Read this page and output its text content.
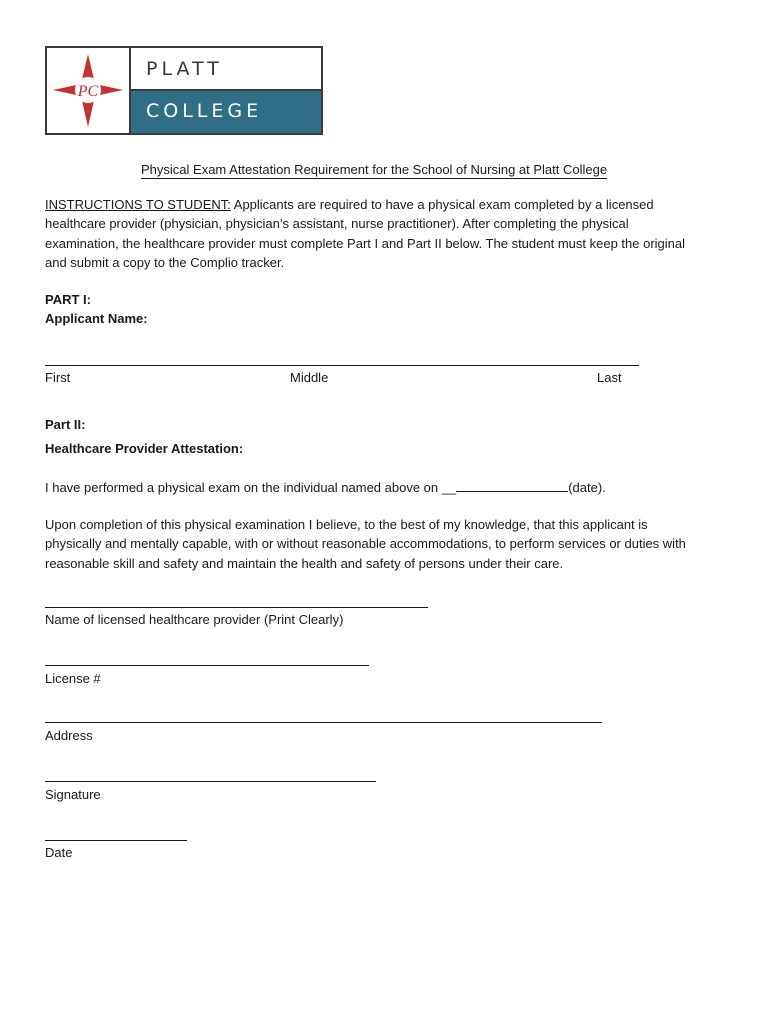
PC
PLATT
COLLEGE
Physical Exam Attestation Requirement for the School of Nursing at Platt College

INSTRUCTIONS TO STUDENT: Applicants are required to have a physical exam completed by a licensed healthcare provider (physician, physician’s assistant, nurse practitioner). After completing the physical examination, the healthcare provider must complete Part I and Part II below. The student must keep the original and submit a copy to the Complio tracker.

PART I:
Applicant Name:
First	Middle	Last
Part II:
Healthcare Provider Attestation:
I have performed a physical exam on the individual named above on __	(date).

Upon completion of this physical examination I believe, to the best of my knowledge, that this applicant is physically and mentally capable, with or without reasonable accommodations, to perform services or duties with reasonable skill and safety and maintain the health and safety of persons under their care.

Name of licensed healthcare provider (Print Clearly)
License #
Address
Signature
Date
